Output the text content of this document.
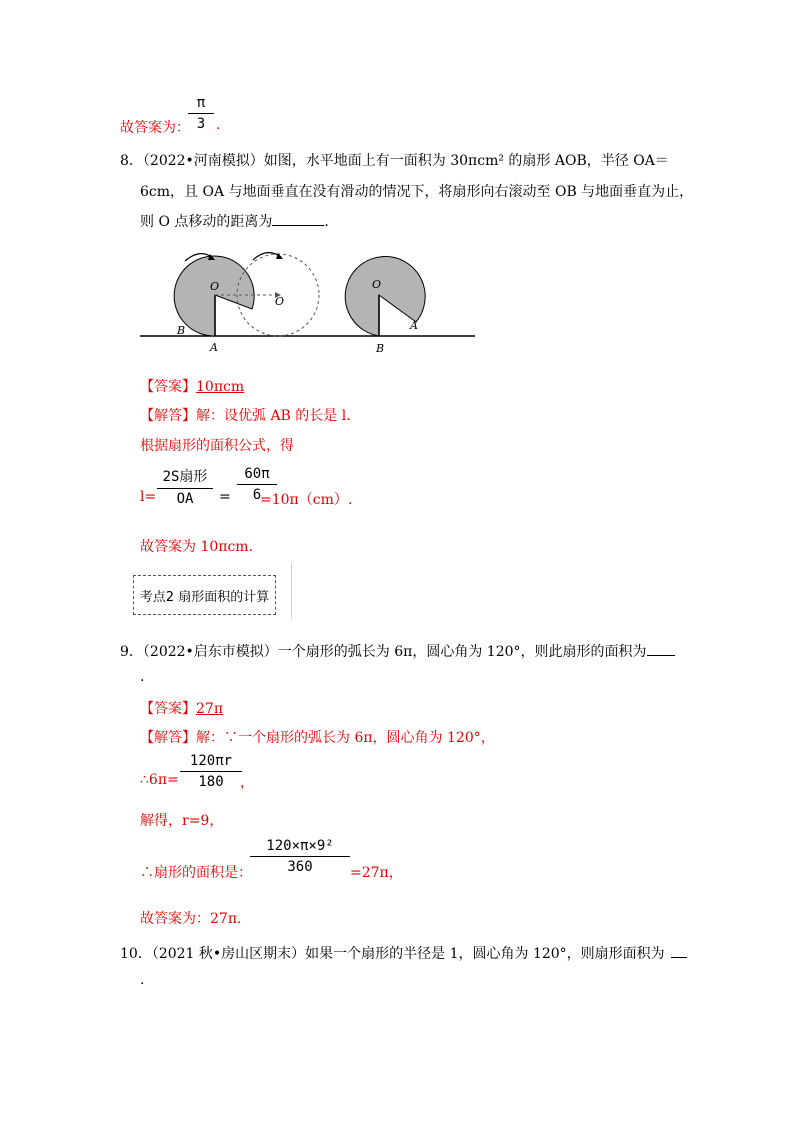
故答案为：
π
3 .
8．（2022•河南模拟）如图，水平地面上有一面积为 30πcm² 的扇形 AOB，半径 OA＝
6cm，且 OA 与地面垂直在没有滑动的情况下，将扇形向右滚动至 OB 与地面垂直为止，
则 O 点移动的距离为	.
O
O
O
B
A
A
B
【答案】10πcm
【解答】解：设优弧 AB 的长是 l.
根据扇形的面积公式，得
l=
2S扇形
OA	=
60π
6
=10π（cm）.
故答案为 10πcm.
考点2 扇形面积的计算
9．（2022•启东市模拟）一个扇形的弧长为 6π，圆心角为 120°，则此扇形的面积为
.
【答案】27π
【解答】解：∵一个扇形的弧长为 6π，圆心角为 120°，
∴6π=
120πr
180	，
解得，r=9，
∴扇形的面积是：
120×π×9²
360	=27π，
故答案为：27π.
10．（2021 秋•房山区期末）如果一个扇形的半径是 1，圆心角为 120°，则扇形面积为
.
